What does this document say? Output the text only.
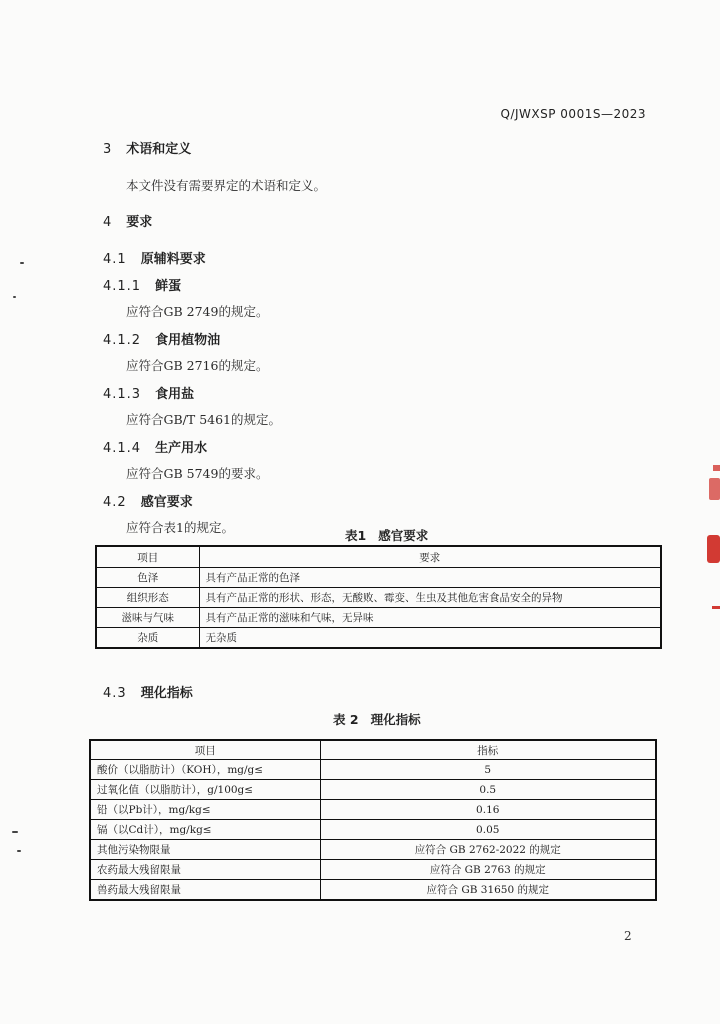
Q/JWXSP 0001S—2023
3 术语和定义
本文件没有需要界定的术语和定义。
4 要求
4.1 原辅料要求
4.1.1 鲜蛋
应符合GB 2749的规定。
4.1.2 食用植物油
应符合GB 2716的规定。
4.1.3 食用盐
应符合GB/T 5461的规定。
4.1.4 生产用水
应符合GB 5749的要求。
4.2 感官要求
应符合表1的规定。
表1 感官要求
项目	要求
色泽	具有产品正常的色泽
组织形态	具有产品正常的形状、形态，无酸败、霉变、生虫及其他危害食品安全的异物
滋味与气味	具有产品正常的滋味和气味，无异味
杂质	无杂质
4.3 理化指标
表 2 理化指标
项目	指标
酸价（以脂肪计）（KOH），mg/g≤	5
过氧化值（以脂肪计），g/100g≤	0.5
铅（以Pb计），mg/kg≤	0.16
镉（以Cd计），mg/kg≤	0.05
其他污染物限量	应符合 GB 2762-2022 的规定
农药最大残留限量	应符合 GB 2763 的规定
兽药最大残留限量	应符合 GB 31650 的规定
2
